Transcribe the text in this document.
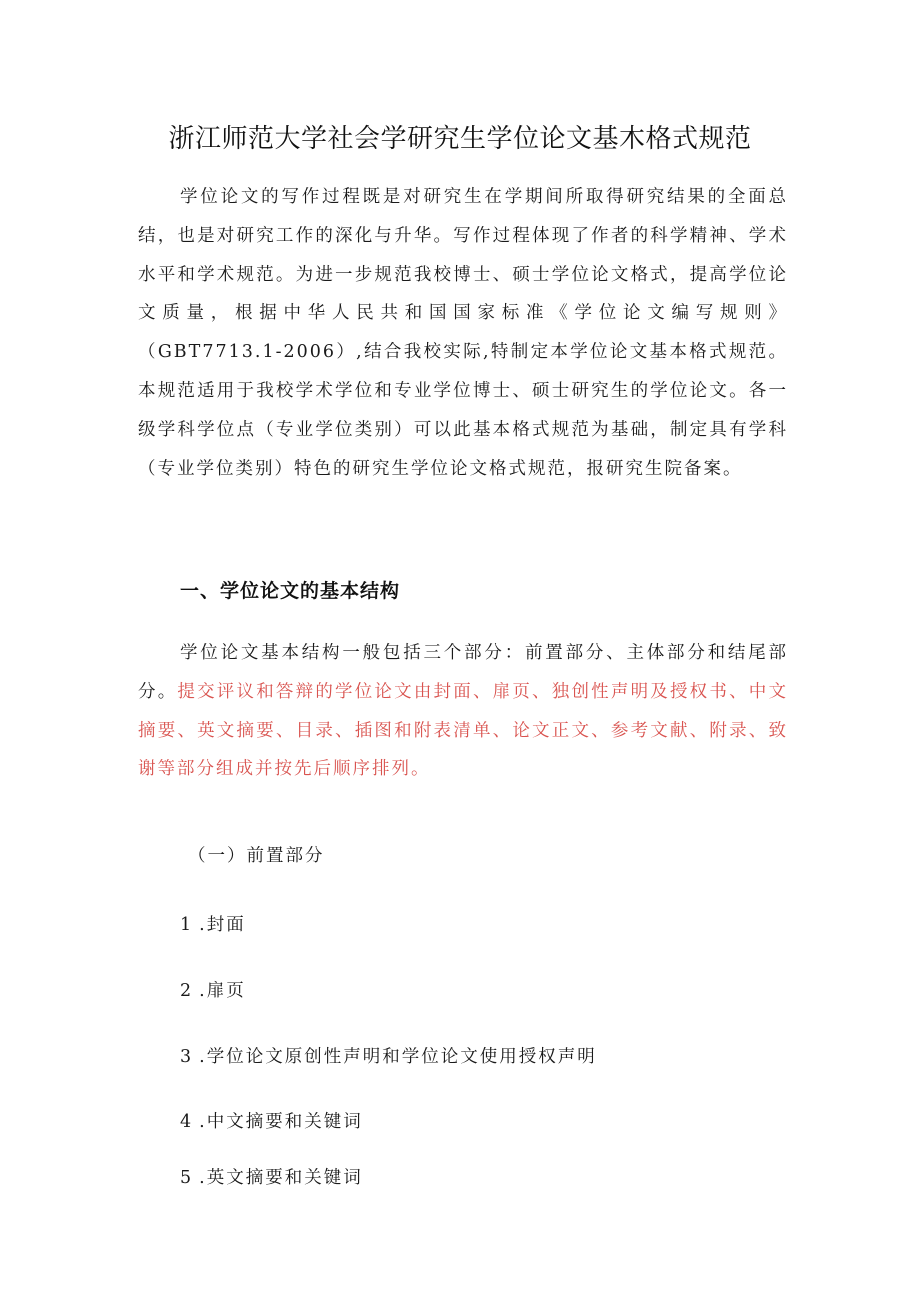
浙江师范大学社会学研究生学位论文基木格式规范

学位论文的写作过程既是对研究生在学期间所取得研究结果的全面总结，也是对研究工作的深化与升华。写作过程体现了作者的科学精神、学术水平和学术规范。为进一步规范我校博士、硕士学位论文格式，提高学位论文质量，根据中华人民共和国国家标准《学位论文编写规则》（GBT7713.1-2006）,结合我校实际,特制定本学位论文基本格式规范。本规范适用于我校学术学位和专业学位博士、硕士研究生的学位论文。各一级学科学位点（专业学位类别）可以此基本格式规范为基础，制定具有学科（专业学位类别）特色的研究生学位论文格式规范，报研究生院备案。

一、学位论文的基本结构

学位论文基本结构一般包括三个部分：前置部分、主体部分和结尾部分。提交评议和答辩的学位论文由封面、扉页、独创性声明及授权书、中文摘要、英文摘要、目录、插图和附表清单、论文正文、参考文献、附录、致谢等部分组成并按先后顺序排列。

（一）前置部分

1 .封面

2 .扉页

3 .学位论文原创性声明和学位论文使用授权声明

4 .中文摘要和关键词

5 .英文摘要和关键词
